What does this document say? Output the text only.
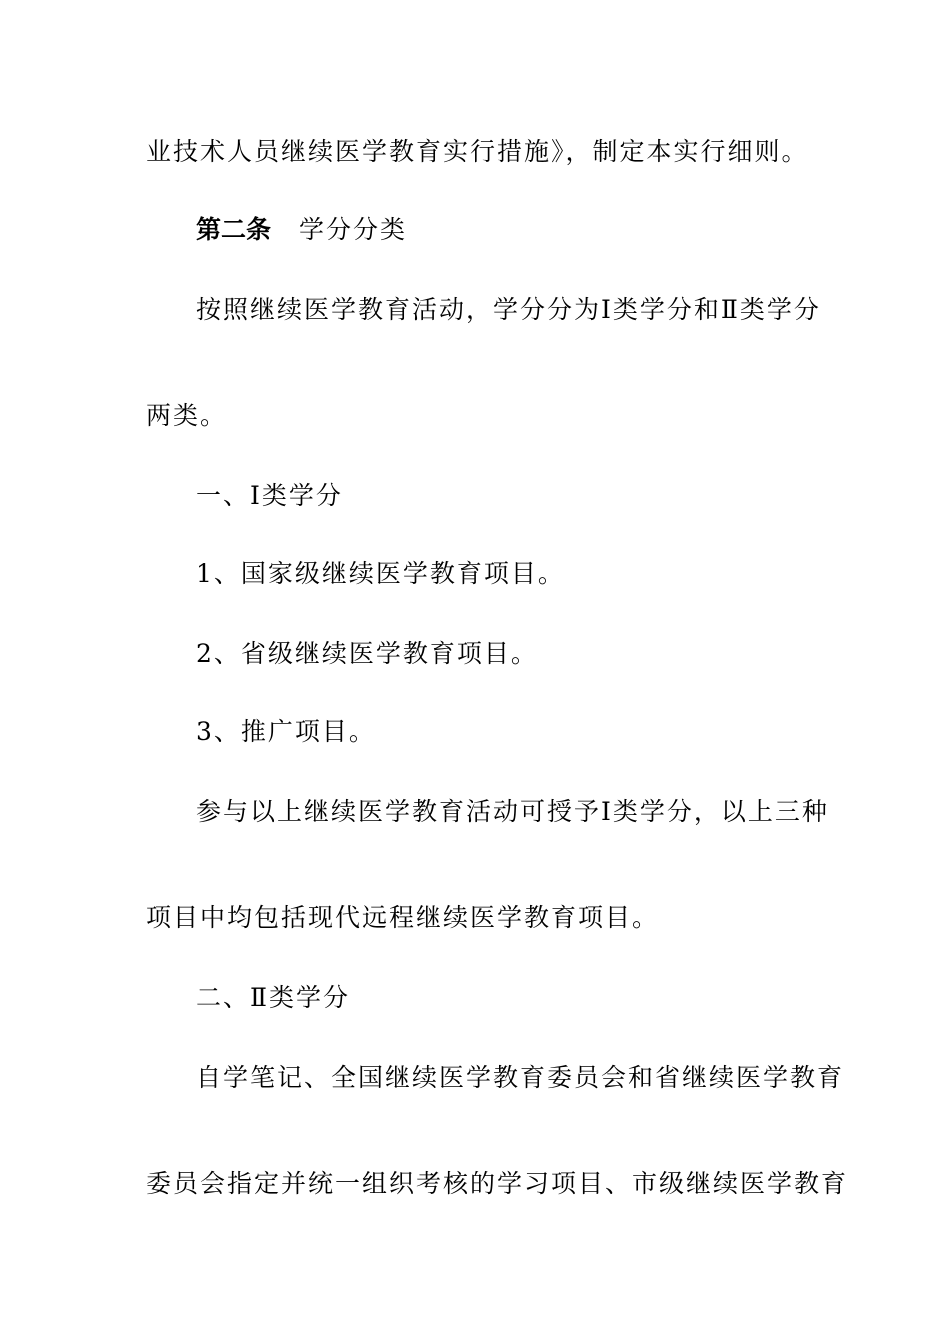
业技术人员继续医学教育实行措施》，制定本实行细则。
第二条 学分分类
按照继续医学教育活动，学分分为Ⅰ类学分和Ⅱ类学分
两类。
一、Ⅰ类学分
1、国家级继续医学教育项目。
2、省级继续医学教育项目。
3、推广项目。
参与以上继续医学教育活动可授予Ⅰ类学分，以上三种
项目中均包括现代远程继续医学教育项目。
二、Ⅱ类学分
自学笔记、全国继续医学教育委员会和省继续医学教育
委员会指定并统一组织考核的学习项目、市级继续医学教育
